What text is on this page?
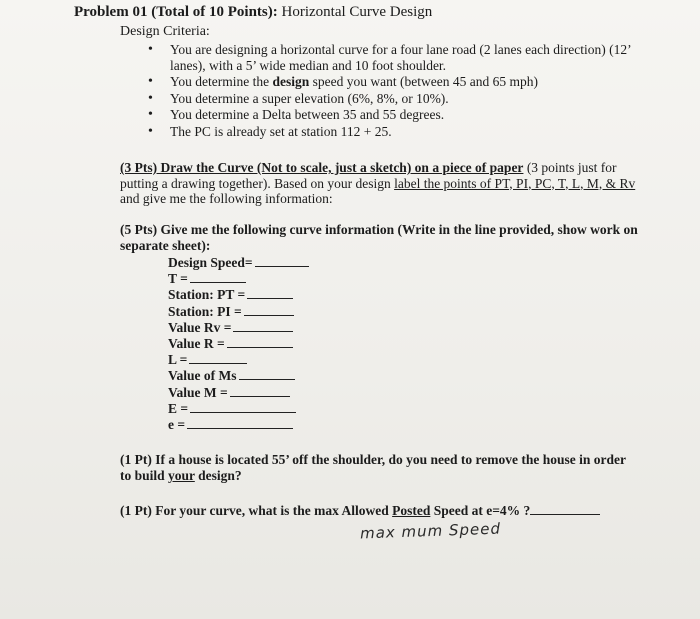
Problem 01 (Total of 10 Points): Horizontal Curve Design
Design Criteria:
• You are designing a horizontal curve for a four lane road (2 lanes each direction) (12’ lanes), with a 5’ wide median and 10 foot shoulder.
• You determine the design speed you want (between 45 and 65 mph)
• You determine a super elevation (6%, 8%, or 10%).
• You determine a Delta between 35 and 55 degrees.
• The PC is already set at station 112 + 25.
(3 Pts) Draw the Curve (Not to scale, just a sketch) on a piece of paper (3 points just for putting a drawing together). Based on your design label the points of PT, PI, PC, T, L, M, & Rv and give me the following information:
(5 Pts) Give me the following curve information (Write in the line provided, show work on separate sheet):
Design Speed=
T =
Station: PT =
Station: PI =
Value Rv =
Value R =
L =
Value of Ms
Value M =
E =
e =
(1 Pt) If a house is located 55’ off the shoulder, do you need to remove the house in order to build your design?
(1 Pt) For your curve, what is the max Allowed Posted Speed at e=4% ?
max mum Speed
